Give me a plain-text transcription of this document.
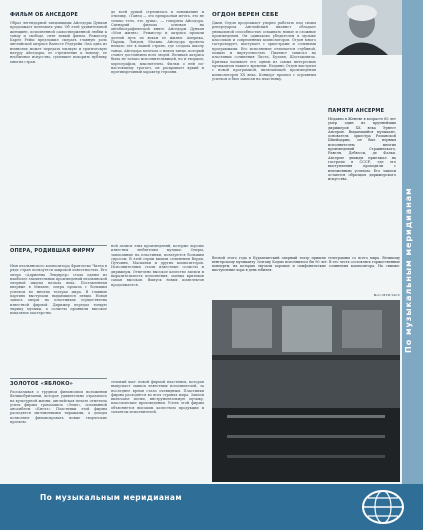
ФИЛЬМ ОБ АНСЕДОРЕ
Образ легендарной танцовщицы Айседоры Дункан продолжает волновать умы. Об этой удивительной женщине, исполненной самоотверженной любви к танцу и свободе, снят новый фильм. Режиссер Карел Рейш предложил сыграть главную роль английской актрисе Ванессе Редгрейв. Она одна из немногих может передать пылкую и трагическую натуру Айседоры, ее стремление к новому, ее необычное искусство, сумевшее покорить публику многих стран.
до всей душой стремилась к пониманию и отклику. «Танец — это прекрасная мечта, это не только тело, это душа», — говорила Айседора. Сценарий фильма основан на автобиографической книге Айседоры Дункан «Моя жизнь». Режиссер и актриса прошли долгий путь по вехам ее жизни: Америка, Париж, Лондон, Москва. Айседора провела немало лет в нашей стране, где создала школу танца. Айседора мечтала о новом танце, который станет достоянием всех людей. Великая актриса была не только исполнительницей, но и творцом, хореографом, мыслителем. Фильм о ней по-настоящему трогает, он раскрывает яркий и противоречивый характер героини.
ОГДОН ВЕРЕН СЕБЕ
Джон Огдон продолжает упорно работать над своим репертуаром. Английский пианист обладает уникальной способностью осваивать новые и сложные произведения. Он одинаково убедителен в музыке классиков и современных композиторов. Огдон много гастролирует, выступает с оркестрами и сольными программами. Его исполнение отличается глубиной, мощью и виртуозностью. Пианист записал на пластинки сочинения Листа, Бузони, Шостаковича. Критика называет его одним из самых интересных музыкантов нашего времени. Недавно Огдон выступил с новой программой, включающей произведения композиторов XX века. Концерт прошел с огромным успехом и был записан на пластинку.
ПАМЯТИ АНСЕРМЕ
Недавно в Женеве в возрасте 85 лет умер один из крупнейших дирижеров XX века Эрнест Ансерме. Выдающийся музыкант, основатель оркестра Романской Швейцарии, он был первым исполнителем многих произведений Стравинского, Равеля, Дебюсси, де Фальи. Ансерме дважды приезжал на гастроли в СССР, где его выступления проходили с неизменным успехом. Его записи остаются образцом дирижерского искусства.
ОПЕРА, РОДИВШАЯ ФИРМУ
Имя итальянского композитора Франческо Чилеа в ряде стран пользуется широкой известностью. Его опера «Адриенна Лекуврер» стала одним из наиболее значительных произведений итальянской оперной школы начала века. Поставленная впервые в Милане, опера прошла с большим успехом во многих театрах мира. В главных партиях выступали выдающиеся певцы. Новая запись оперы на пластинках осуществлена известной фирмой. Дирижер передал тонкую лирику музыки, а солисты проявили высокое вокальное мастерство.
ной записи этих произведений, которые хорошо известны любителям музыки. Оперы, записанные на пластинки, пользуются большим спросом. В этой серии вышли сочинения Верди, Пуччини, Масканьи и других композиторов. Исполнителями стали известные солисты и дирижеры. Отмечено высокое качество записи и выразительность исполнения, оценка критиков самая высокая. Выпуск новых комплектов продолжается.
Весной этого года в Будапештский оперный театр пришли телеграммы со всего мира. Великому венгерскому музыканту Золтану Кодаю исполнилось бы 90 лет. В его честь состоялись торжественные концерты, на которых звучали хоровые и симфонические сочинения композитора. На снимке: выступление хора в день юбилея.
Фото МТИ-ТАСС
ЗОЛОТОЕ «ЯБЛОКО»
Рассказывая о трудном финансовом положении Великобритании, которое удивительно отразилось на культурной жизни, английская печать отметила успех фирмы грамзаписи «Эппл», основанной ансамблем «Битлз». Пластинки этой фирмы расходятся миллионными тиражами, а доходы позволяют финансировать новые творческие проекты.
тельный шаг: новой фирмой пластинок, которая выпускает записи известных исполнителей, за последнее время стало очевидным. Пластинки фирмы расходятся во всех странах мира. Записи включают песни, инструментальную музыку, классические произведения. Успех этой фирмы объясняется высоким качеством продукции и талантом исполнителей.
По музыкальным меридианам
По музыкальным меридианам
